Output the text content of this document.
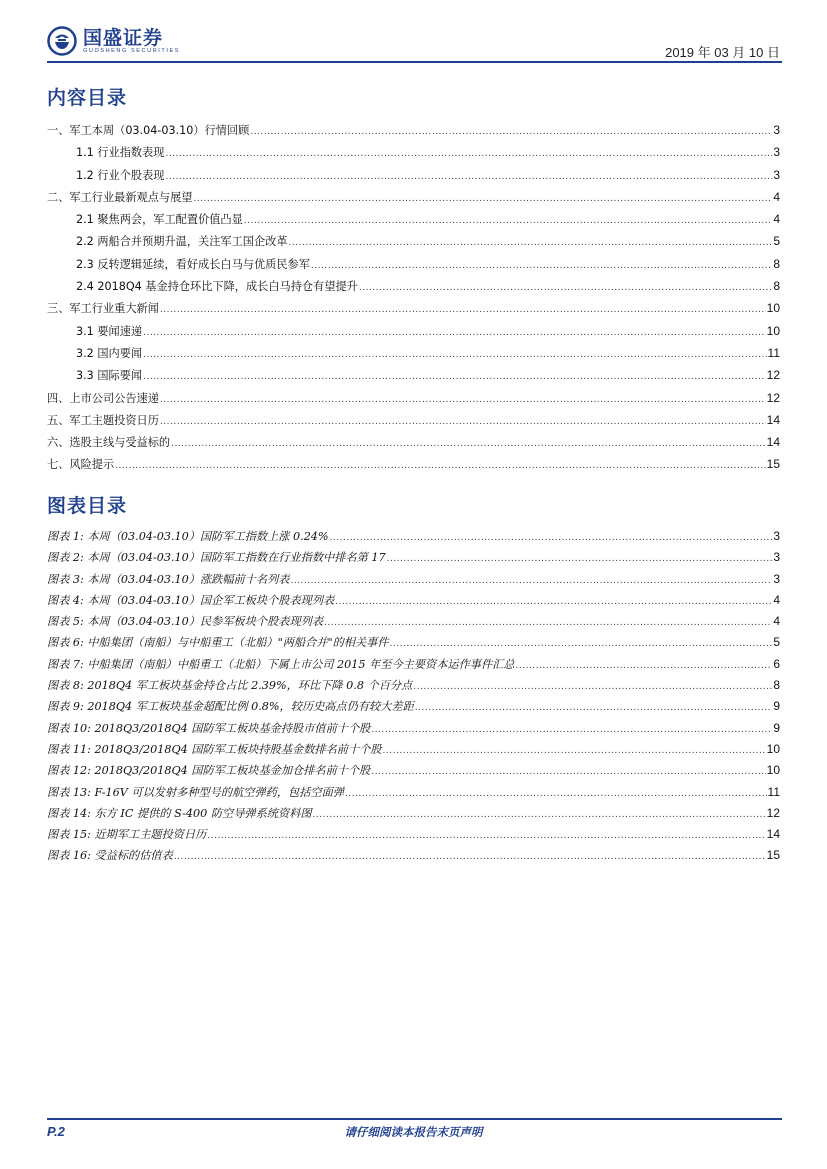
国盛证券
GUOSHENG SECURITIES	2019 年 03 月 10 日
内容目录
一、军工本周（03.04-03.10）行情回顾 .....	3
1.1 行业指数表现 .....	3
1.2 行业个股表现 .....	3
二、军工行业最新观点与展望 .....	4
2.1 聚焦两会，军工配置价值凸显 .....	4
2.2 两船合并预期升温，关注军工国企改革 .....	5
2.3 反转逻辑延续，看好成长白马与优质民参军 .....	8
2.4 2018Q4 基金持仓环比下降，成长白马持仓有望提升 .....	8
三、军工行业重大新闻 .....	10
3.1 要闻速递 .....	10
3.2 国内要闻 .....	11
3.3 国际要闻 .....	12
四、上市公司公告速递 .....	12
五、军工主题投资日历 .....	14
六、选股主线与受益标的 .....	14
七、风险提示 .....	15
图表目录
图表 1: 本周（03.04-03.10）国防军工指数上涨 0.24% .....	3
图表 2: 本周（03.04-03.10）国防军工指数在行业指数中排名第 17 .....	3
图表 3: 本周（03.04-03.10）涨跌幅前十名列表 .....	3
图表 4: 本周（03.04-03.10）国企军工板块个股表现列表 .....	4
图表 5: 本周（03.04-03.10）民参军板块个股表现列表 .....	4
图表 6: 中船集团（南船）与中船重工（北船）"两船合并"的相关事件 .....	5
图表 7: 中船集团（南船）中船重工（北船）下属上市公司 2015 年至今主要资本运作事件汇总 .....	6
图表 8: 2018Q4 军工板块基金持仓占比 2.39%，环比下降 0.8 个百分点 .....	8
图表 9: 2018Q4 军工板块基金超配比例 0.8%，较历史高点仍有较大差距 .....	9
图表 10: 2018Q3/2018Q4 国防军工板块基金持股市值前十个股 .....	9
图表 11: 2018Q3/2018Q4 国防军工板块持股基金数排名前十个股 .....	10
图表 12: 2018Q3/2018Q4 国防军工板块基金加仓排名前十个股 .....	10
图表 13: F-16V 可以发射多种型号的航空弹药，包括空面弹 .....	11
图表 14: 东方 IC 提供的 S-400 防空导弹系统资料图 .....	12
图表 15: 近期军工主题投资日历 .....	14
图表 16: 受益标的估值表 .....	15
P.2	请仔细阅读本报告末页声明
